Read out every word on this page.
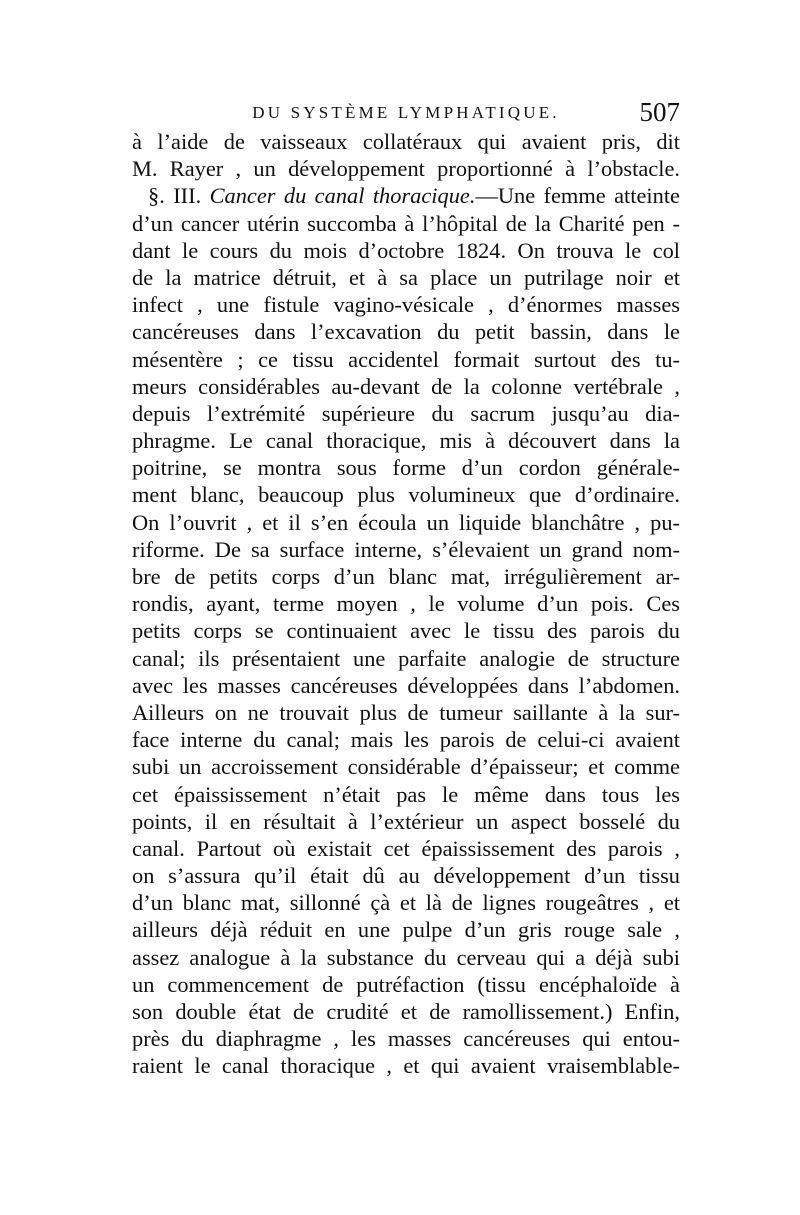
DU SYSTÈME LYMPHATIQUE.	507
à l’aide de vaisseaux collatéraux qui avaient pris, dit
M. Rayer , un développement proportionné à l’obstacle.
§. III. Cancer du canal thoracique.—Une femme atteinte
d’un cancer utérin succomba à l’hôpital de la Charité pen -
dant le cours du mois d’octobre 1824. On trouva le col
de la matrice détruit, et à sa place un putrilage noir et
infect , une fistule vagino-vésicale , d’énormes masses
cancéreuses dans l’excavation du petit bassin, dans le
mésentère ; ce tissu accidentel formait surtout des tu-
meurs considérables au-devant de la colonne vertébrale ,
depuis l’extrémité supérieure du sacrum jusqu’au dia-
phragme. Le canal thoracique, mis à découvert dans la
poitrine, se montra sous forme d’un cordon générale-
ment blanc, beaucoup plus volumineux que d’ordinaire.
On l’ouvrit , et il s’en écoula un liquide blanchâtre , pu-
riforme. De sa surface interne, s’élevaient un grand nom-
bre de petits corps d’un blanc mat, irrégulièrement ar-
rondis, ayant, terme moyen , le volume d’un pois. Ces
petits corps se continuaient avec le tissu des parois du
canal; ils présentaient une parfaite analogie de structure
avec les masses cancéreuses développées dans l’abdomen.
Ailleurs on ne trouvait plus de tumeur saillante à la sur-
face interne du canal; mais les parois de celui-ci avaient
subi un accroissement considérable d’épaisseur; et comme
cet épaississement n’était pas le même dans tous les
points, il en résultait à l’extérieur un aspect bosselé du
canal. Partout où existait cet épaississement des parois ,
on s’assura qu’il était dû au développement d’un tissu
d’un blanc mat, sillonné çà et là de lignes rougeâtres , et
ailleurs déjà réduit en une pulpe d’un gris rouge sale ,
assez analogue à la substance du cerveau qui a déjà subi
un commencement de putréfaction (tissu encéphaloïde à
son double état de crudité et de ramollissement.) Enfin,
près du diaphragme , les masses cancéreuses qui entou-
raient le canal thoracique , et qui avaient vraisemblable-
